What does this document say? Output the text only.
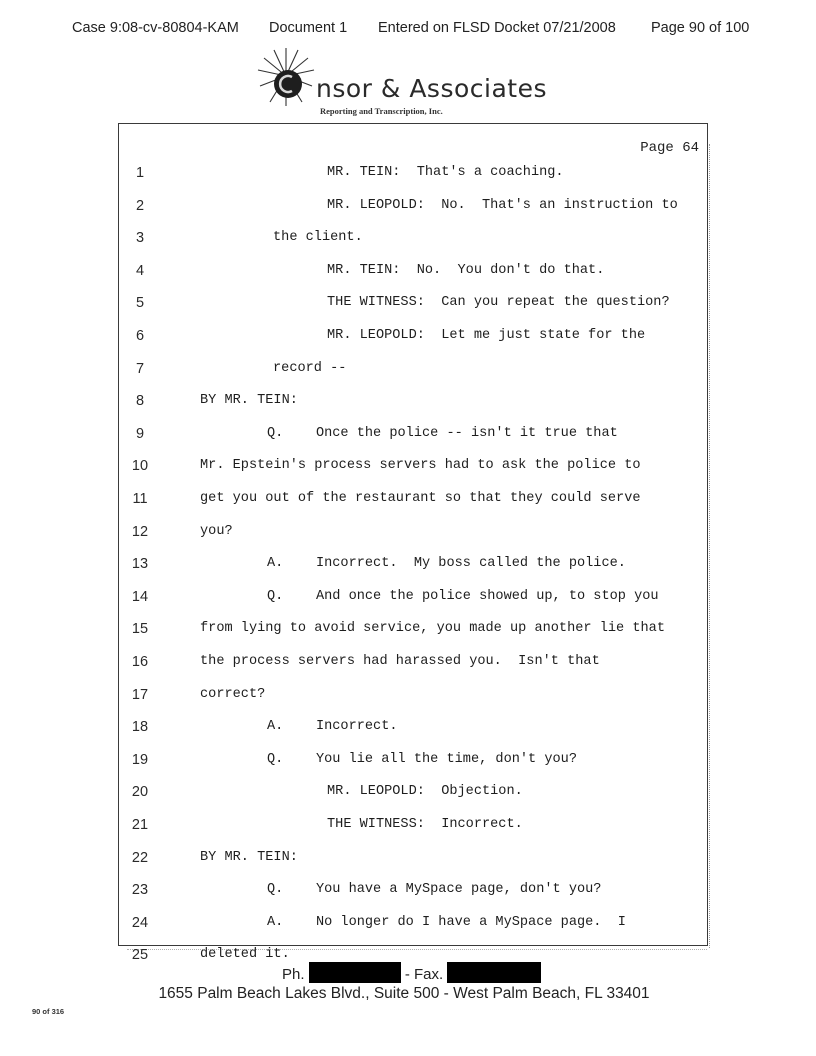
Case 9:08-cv-80804-KAM Document 1 Entered on FLSD Docket 07/21/2008 Page 90 of 100
nsor & Associates
Reporting and Transcription, Inc.
Page 64
1	MR. TEIN:  That's a coaching.
2	MR. LEOPOLD:  No.  That's an instruction to
3	the client.
4	MR. TEIN:  No.  You don't do that.
5	THE WITNESS:  Can you repeat the question?
6	MR. LEOPOLD:  Let me just state for the
7	record --
8	BY MR. TEIN:
9	Q.    Once the police -- isn't it true that
10	Mr. Epstein's process servers had to ask the police to
11	get you out of the restaurant so that they could serve
12	you?
13	A.    Incorrect.  My boss called the police.
14	Q.    And once the police showed up, to stop you
15	from lying to avoid service, you made up another lie that
16	the process servers had harassed you.  Isn't that
17	correct?
18	A.    Incorrect.
19	Q.    You lie all the time, don't you?
20	MR. LEOPOLD:  Objection.
21	THE WITNESS:  Incorrect.
22	BY MR. TEIN:
23	Q.    You have a MySpace page, don't you?
24	A.    No longer do I have a MySpace page.  I
25	deleted it.
Ph.	- Fax.
1655 Palm Beach Lakes Blvd., Suite 500 - West Palm Beach, FL 33401
90 of 316
